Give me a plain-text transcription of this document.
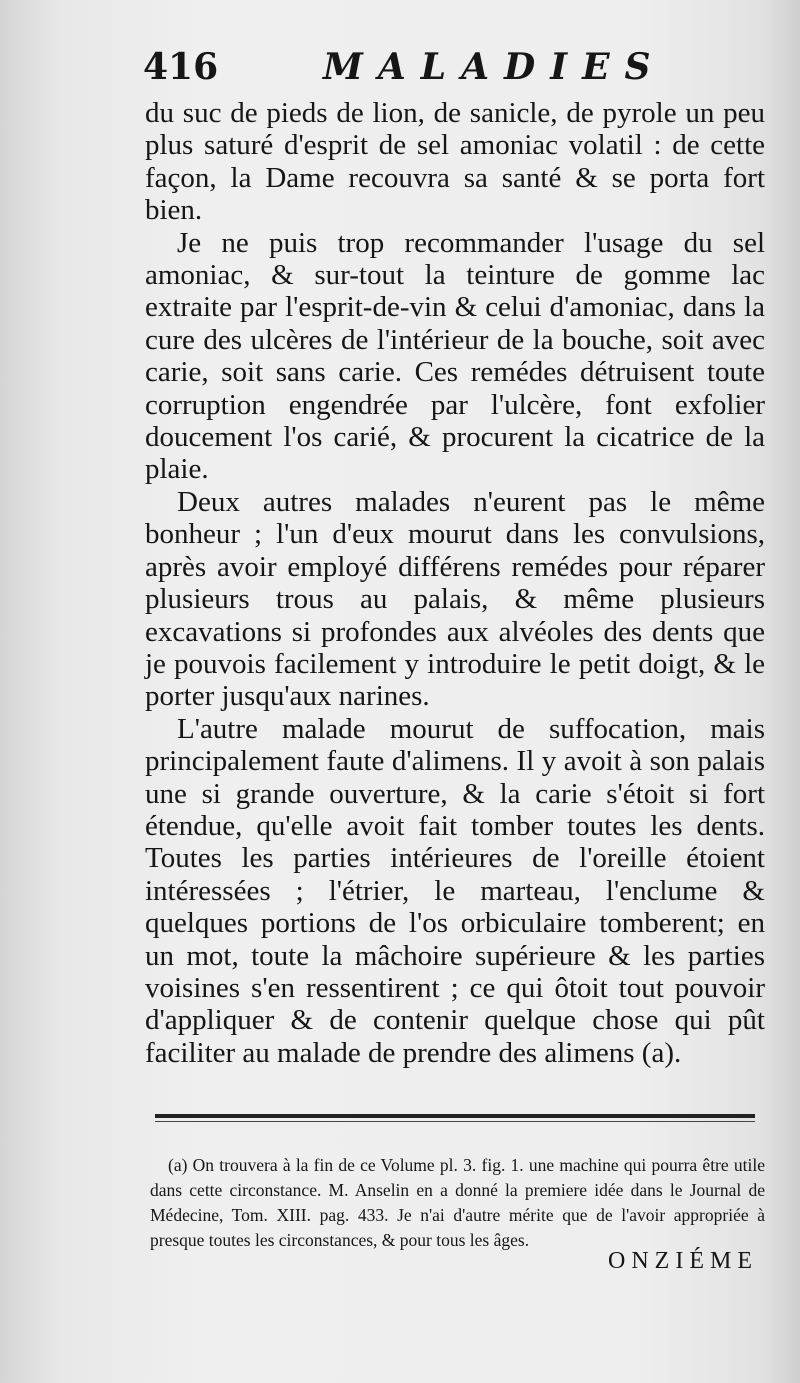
416	MALADIES

du suc de pieds de lion, de sanicle, de pyrole un peu plus saturé d'esprit de sel amoniac volatil : de cette façon, la Dame recouvra sa santé & se porta fort bien.

Je ne puis trop recommander l'usage du sel amoniac, & sur-tout la teinture de gomme lac extraite par l'esprit-de-vin & celui d'amoniac, dans la cure des ulcères de l'intérieur de la bouche, soit avec carie, soit sans carie. Ces remédes détruisent toute corruption engendrée par l'ulcère, font exfolier doucement l'os carié, & procurent la cicatrice de la plaie.

Deux autres malades n'eurent pas le même bonheur ; l'un d'eux mourut dans les convulsions, après avoir employé différens remédes pour réparer plusieurs trous au palais, & même plusieurs excavations si profondes aux alvéoles des dents que je pouvois facilement y introduire le petit doigt, & le porter jusqu'aux narines.

L'autre malade mourut de suffocation, mais principalement faute d'alimens. Il y avoit à son palais une si grande ouverture, & la carie s'étoit si fort étendue, qu'elle avoit fait tomber toutes les dents. Toutes les parties intérieures de l'oreille étoient intéressées ; l'étrier, le marteau, l'enclume & quelques portions de l'os orbiculaire tomberent; en un mot, toute la mâchoire supérieure & les parties voisines s'en ressentirent ; ce qui ôtoit tout pouvoir d'appliquer & de contenir quelque chose qui pût faciliter au malade de prendre des alimens (a).

(a) On trouvera à la fin de ce Volume pl. 3. fig. 1. une machine qui pourra être utile dans cette circonstance. M. Anselin en a donné la premiere idée dans le Journal de Médecine, Tom. XIII. pag. 433. Je n'ai d'autre mérite que de l'avoir appropriée à presque toutes les circonstances, & pour tous les âges.

ONZIÉME
